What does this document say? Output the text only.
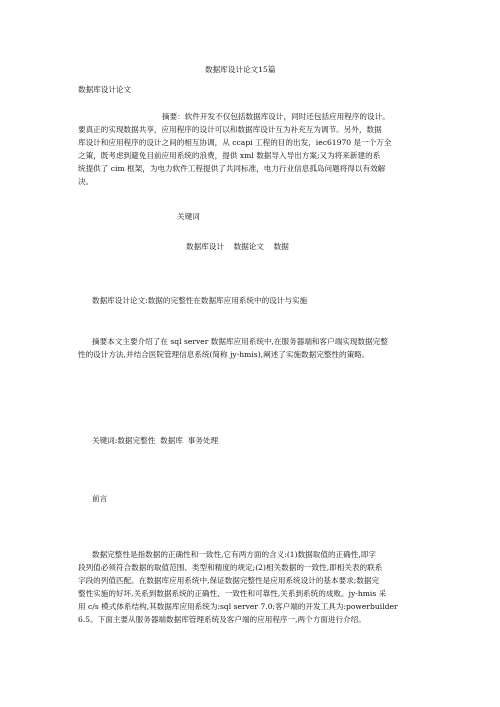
数据库设计论文15篇
数据库设计论文
摘要：软件开发不仅包括数据库设计，同时还包括应用程序的设计。
要真正的实现数据共享，应用程序的设计可以和数据库设计互为补充互为调节。另外，数据
库设计和应用程序的设计之间的相互协调，从 ccapi 工程的目的出发，iec61970 是一个万全
之策，既考虑到避免目前应用系统的浪费，提供 xml 数据导入导出方案;又为将来新建的系
统提供了 cim 框架，为电力软件工程提供了共同标准，电力行业信息孤岛问题将得以有效解
决。
关键词
数据库设计    数据论文    数据
数据库设计论文:数据的完整性在数据库应用系统中的设计与实施
摘要本文主要介绍了在 sql server 数据库应用系统中,在服务器端和客户端实现数据完整
性的设计方法,并结合医院管理信息系统(简称 jy-hmis),阐述了实施数据完整性的策略。
关键词:数据完整性  数据库  事务处理
前言
数据完整性是指数据的正确性和一致性,它有两方面的含义:(1)数据取值的正确性,即字
段列值必须符合数据的取值范围、类型和精度的规定;(2)相关数据的一致性,即相关表的联系
字段的列值匹配。在数据库应用系统中,保证数据完整性是应用系统设计的基本要求;数据完
整性实施的好坏,关系到数据系统的正确性、一致性和可靠性,关系到系统的成败。jy-hmis 采
用 c/s 模式体系结构,其数据库应用系统为:sql server 7.0;客户端的开发工具为:powerbuilder
6.5。下面主要从服务器端数据库管理系统及客户端的应用程序一,两个方面进行介绍。
